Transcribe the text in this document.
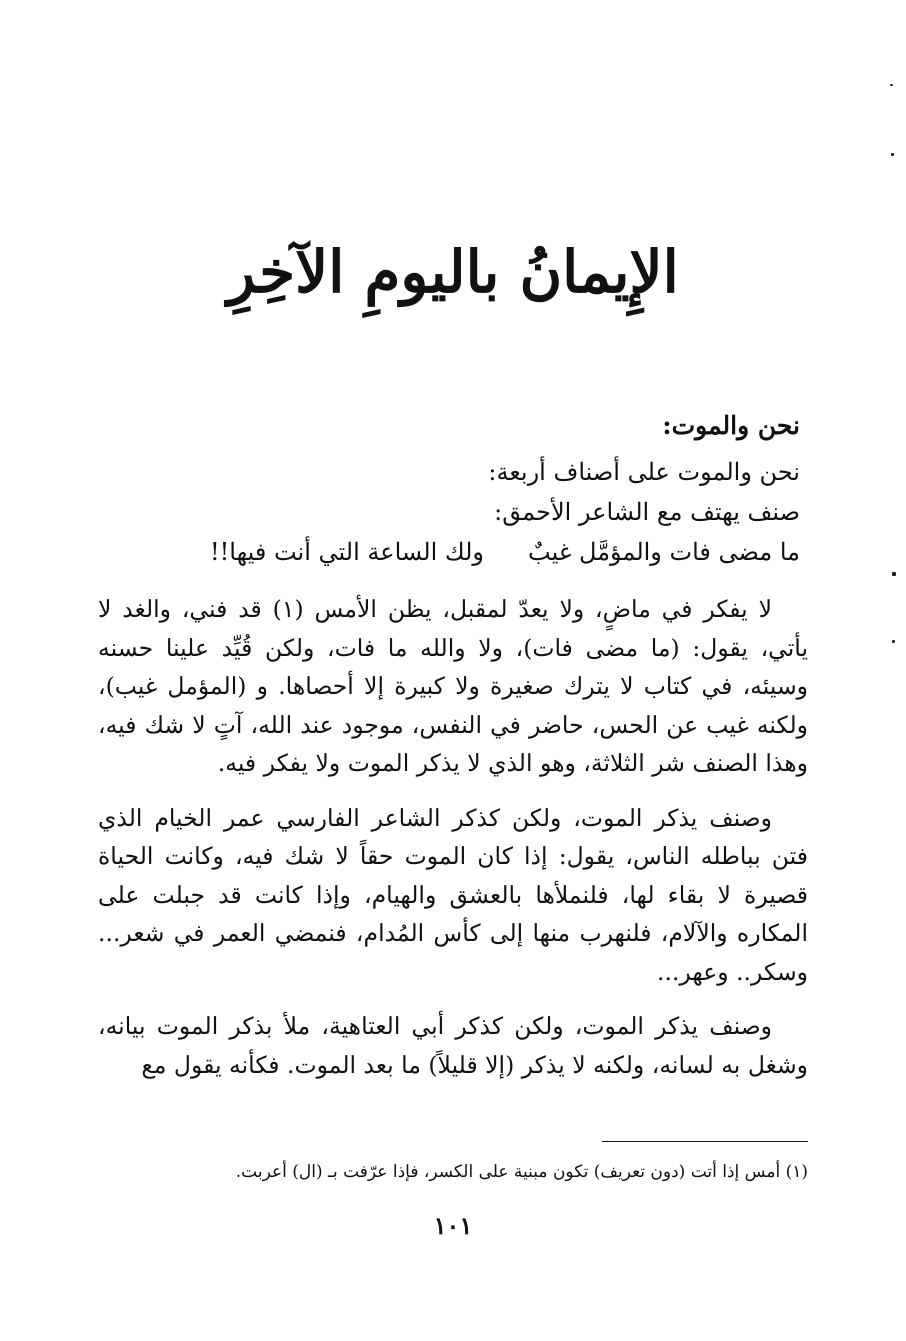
الإِيمانُ باليومِ الآخِرِ
نحن والموت:
نحن والموت على أصناف أربعة:
صنف يهتف مع الشاعر الأحمق:
ما مضى فات والمؤمَّل غيبٌ
ولك الساعة التي أنت فيها!!

لا يفكر في ماضٍ، ولا يعدّ لمقبل، يظن الأمس (١) قد فني، والغد لا يأتي، يقول: (ما مضى فات)، ولا والله ما فات، ولكن قُيِّد علينا حسنه وسيئه، في كتاب لا يترك صغيرة ولا كبيرة إلا أحصاها. و (المؤمل غيب)، ولكنه غيب عن الحس، حاضر في النفس، موجود عند الله، آتٍ لا شك فيه، وهذا الصنف شر الثلاثة، وهو الذي لا يذكر الموت ولا يفكر فيه.

وصنف يذكر الموت، ولكن كذكر الشاعر الفارسي عمر الخيام الذي فتن بباطله الناس، يقول: إذا كان الموت حقاً لا شك فيه، وكانت الحياة قصيرة لا بقاء لها، فلنملأها بالعشق والهيام، وإذا كانت قد جبلت على المكاره والآلام، فلنهرب منها إلى كأس المُدام، فنمضي العمر في شعر... وسكر.. وعهر...

وصنف يذكر الموت، ولكن كذكر أبي العتاهية، ملأ بذكر الموت بيانه، وشغل به لسانه، ولكنه لا يذكر (إلا قليلاً) ما بعد الموت. فكأنه يقول مع

(١) أمس إذا أتت (دون تعريف) تكون مبنية على الكسر، فإذا عرّفت بـ (ال) أعربت.
١٠١
